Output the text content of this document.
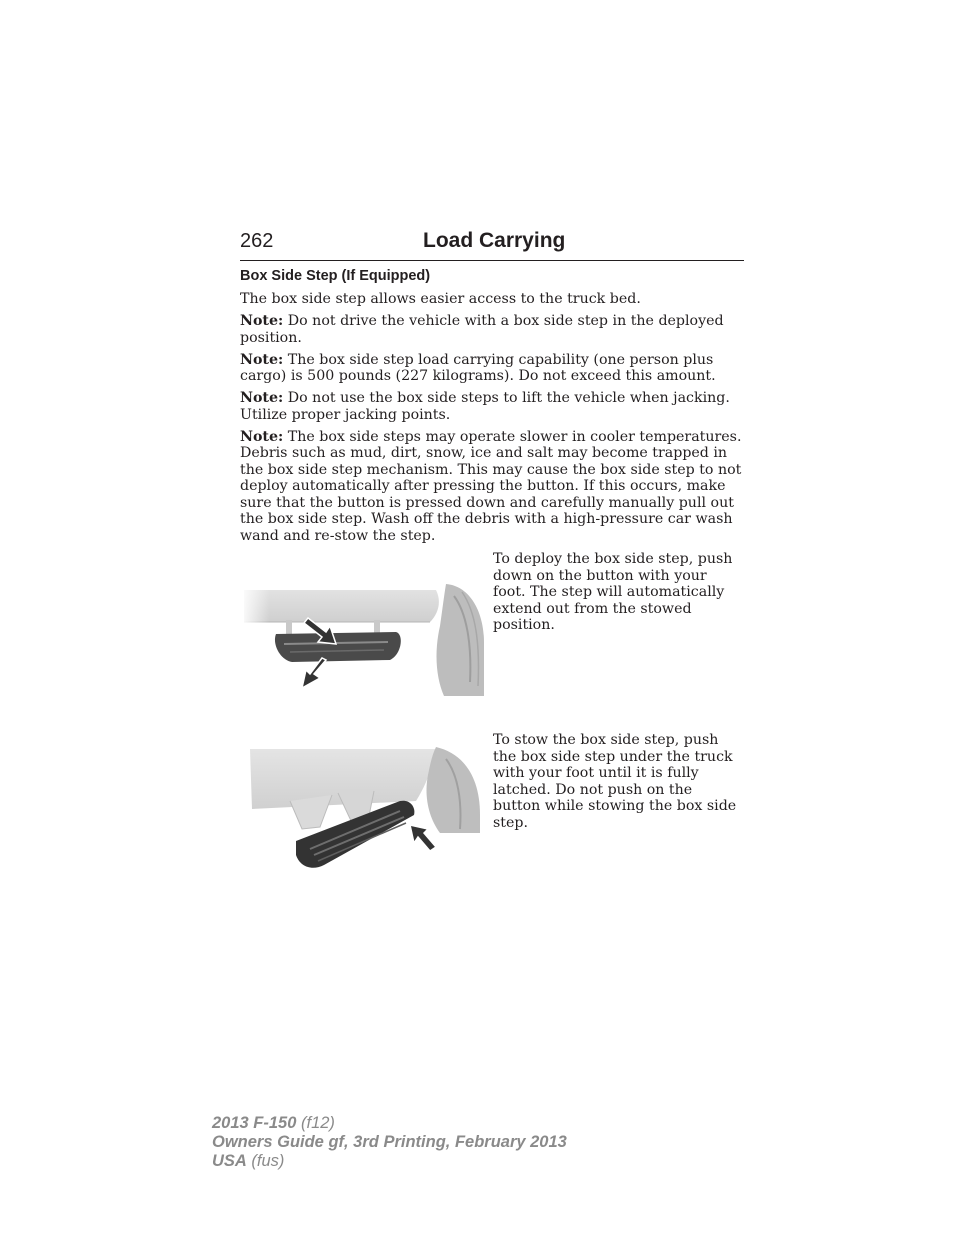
262	Load Carrying
Box Side Step (If Equipped)

The box side step allows easier access to the truck bed.

Note: Do not drive the vehicle with a box side step in the deployed position.

Note: The box side step load carrying capability (one person plus cargo) is 500 pounds (227 kilograms). Do not exceed this amount.

Note: Do not use the box side steps to lift the vehicle when jacking. Utilize proper jacking points.

Note: The box side steps may operate slower in cooler temperatures. Debris such as mud, dirt, snow, ice and salt may become trapped in the box side step mechanism. This may cause the box side step to not deploy automatically after pressing the button. If this occurs, make sure that the button is pressed down and carefully manually pull out the box side step. Wash off the debris with a high-pressure car wash wand and re-stow the step.

To deploy the box side step, push down on the button with your foot. The step will automatically extend out from the stowed position.
To stow the box side step, push the box side step under the truck with your foot until it is fully latched. Do not push on the button while stowing the box side step.
2013 F-150 (f12)
Owners Guide gf, 3rd Printing, February 2013
USA (fus)
